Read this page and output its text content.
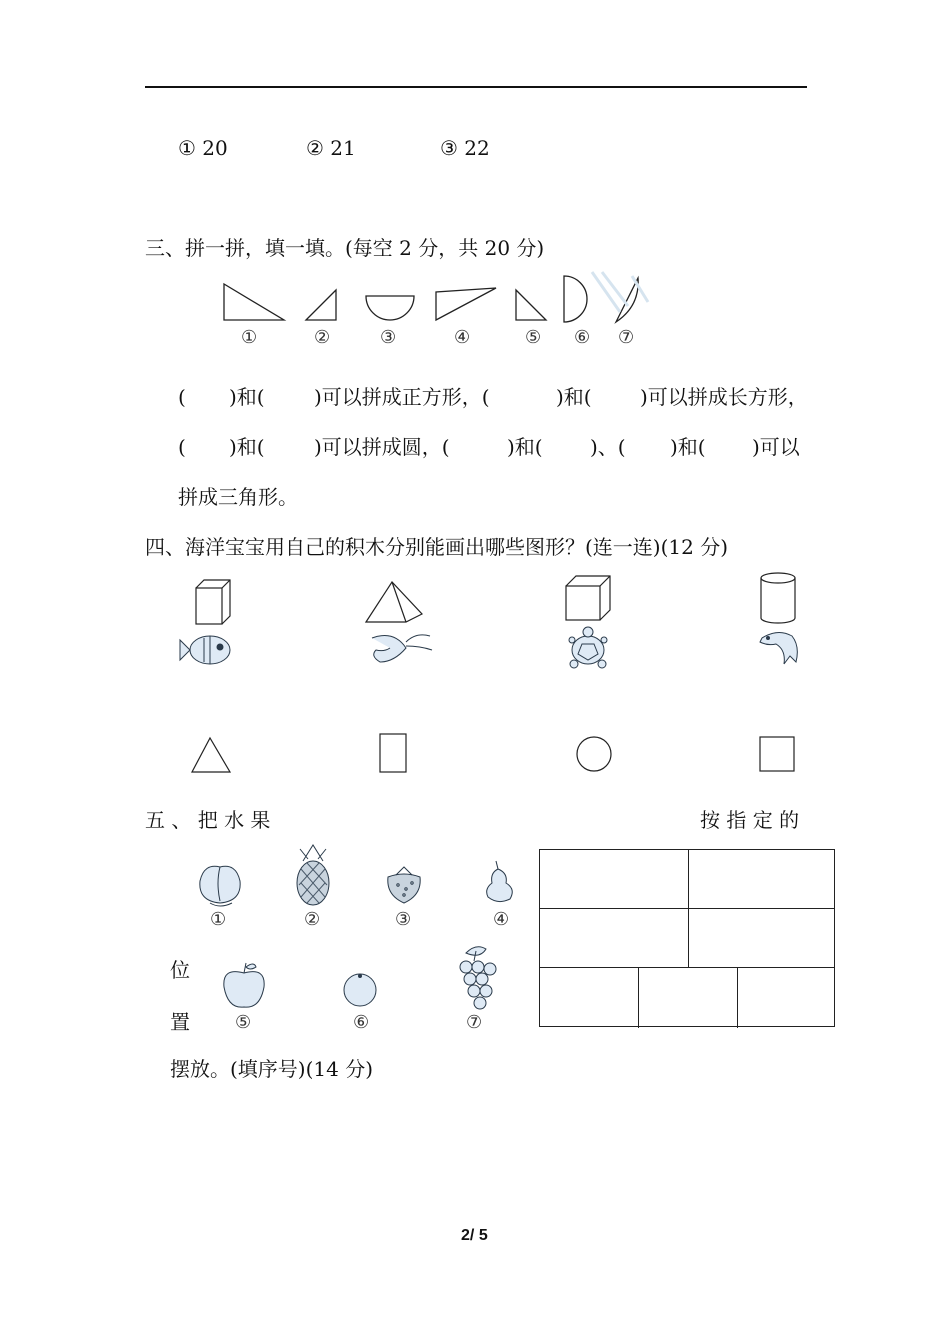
① 20	② 21	③ 22
三、拼一拼，填一填。(每空 2 分，共 20 分)
①	②	③	④	⑤ ⑥ ⑦
( )和( )可以拼成正方形，(	)和( )可以拼成长方形，
( )和( )可以拼成圆，(	)和( )、( )和( )可以
拼成三角形。
四、海洋宝宝用自己的积木分别能画出哪些图形？(连一连)(12 分)
五 、 把 水 果	按 指 定 的
①	②	③	④
⑤	⑥	⑦
位
置
摆放。(填序号)(14 分)
2/ 5
